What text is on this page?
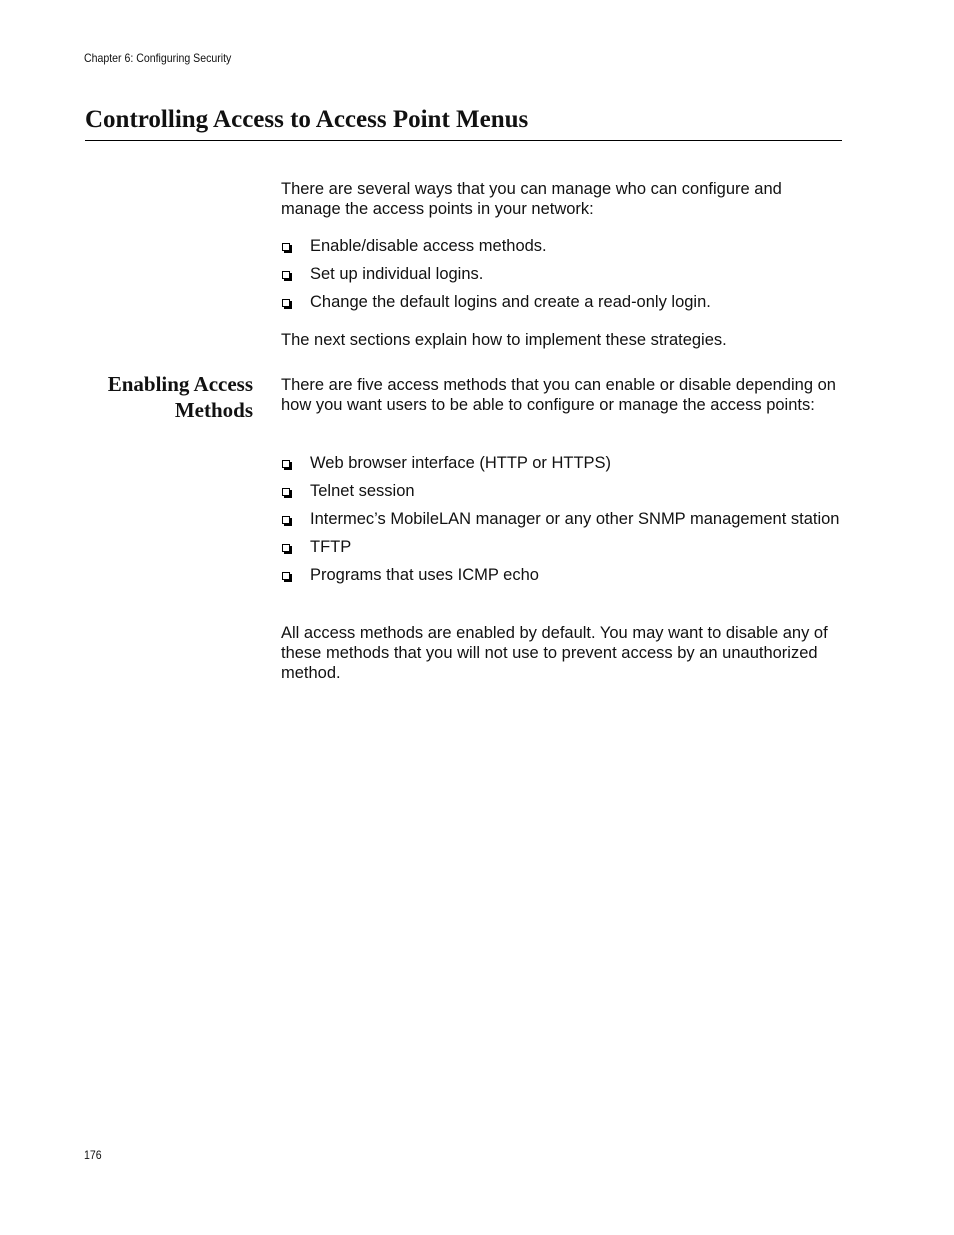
Chapter 6: Configuring Security
Controlling Access to Access Point Menus

There are several ways that you can manage who can configure and manage the access points in your network:

Enable/disable access methods.
Set up individual logins.
Change the default logins and create a read-only login.

The next sections explain how to implement these strategies.

Enabling Access
Methods

There are five access methods that you can enable or disable depending on how you want users to be able to configure or manage the access points:

Web browser interface (HTTP or HTTPS)
Telnet session
Intermec’s MobileLAN manager or any other SNMP management station
TFTP
Programs that uses ICMP echo

All access methods are enabled by default. You may want to disable any of these methods that you will not use to prevent access by an unauthorized method.

176
